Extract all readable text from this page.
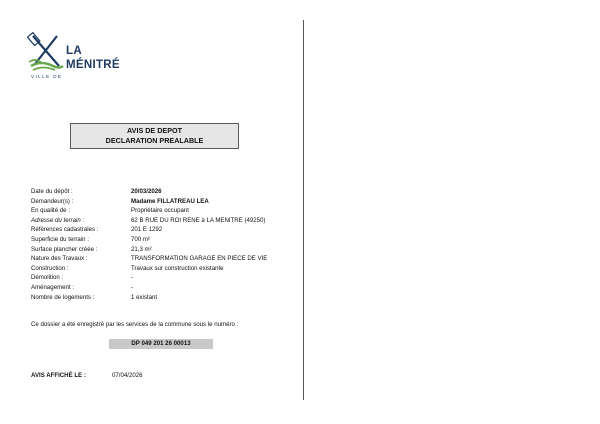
LA
MÉNITRÉ
VILLE DE
AVIS DE DEPOT
DECLARATION PREALABLE
Date du dépôt :	20/03/2026
Demandeur(s) :	Madame FILLATREAU LEA
En qualité de :	Propriétaire occupant
Adresse du terrain :	62 B RUE DU ROI RENE à LA MENITRE (49250)
Références cadastrales :	201 E 1292
Superficie du terrain :	700 m²
Surface plancher créée :	21,3 m²
Nature des Travaux :	TRANSFORMATION GARAGE EN PIECE DE VIE
Construction :	Travaux sur construction existante
Démolition :	-
Aménagement :	-
Nombre de logements :	1 existant
Ce dossier a été enregistré par les services de la commune sous le numéro :
DP 049 201 26 00013
AVIS AFFICHÉ LE :	07/04/2026
